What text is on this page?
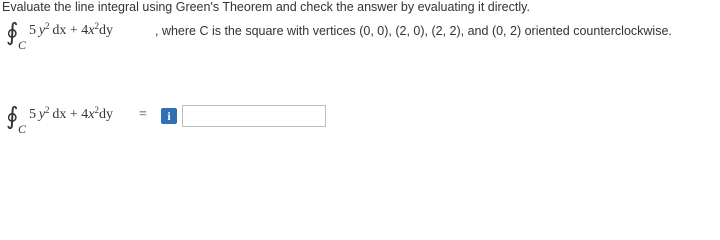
Evaluate the line integral using Green's Theorem and check the answer by evaluating it directly.
∮ C
5  $y^2$  dx + $4x^2dy$	, where C is the square with vertices (0, 0), (2, 0), (2, 2), and (0, 2) oriented counterclockwise.
∮ C
5  $y^2$  dx + $4x^2dy$ =	i
